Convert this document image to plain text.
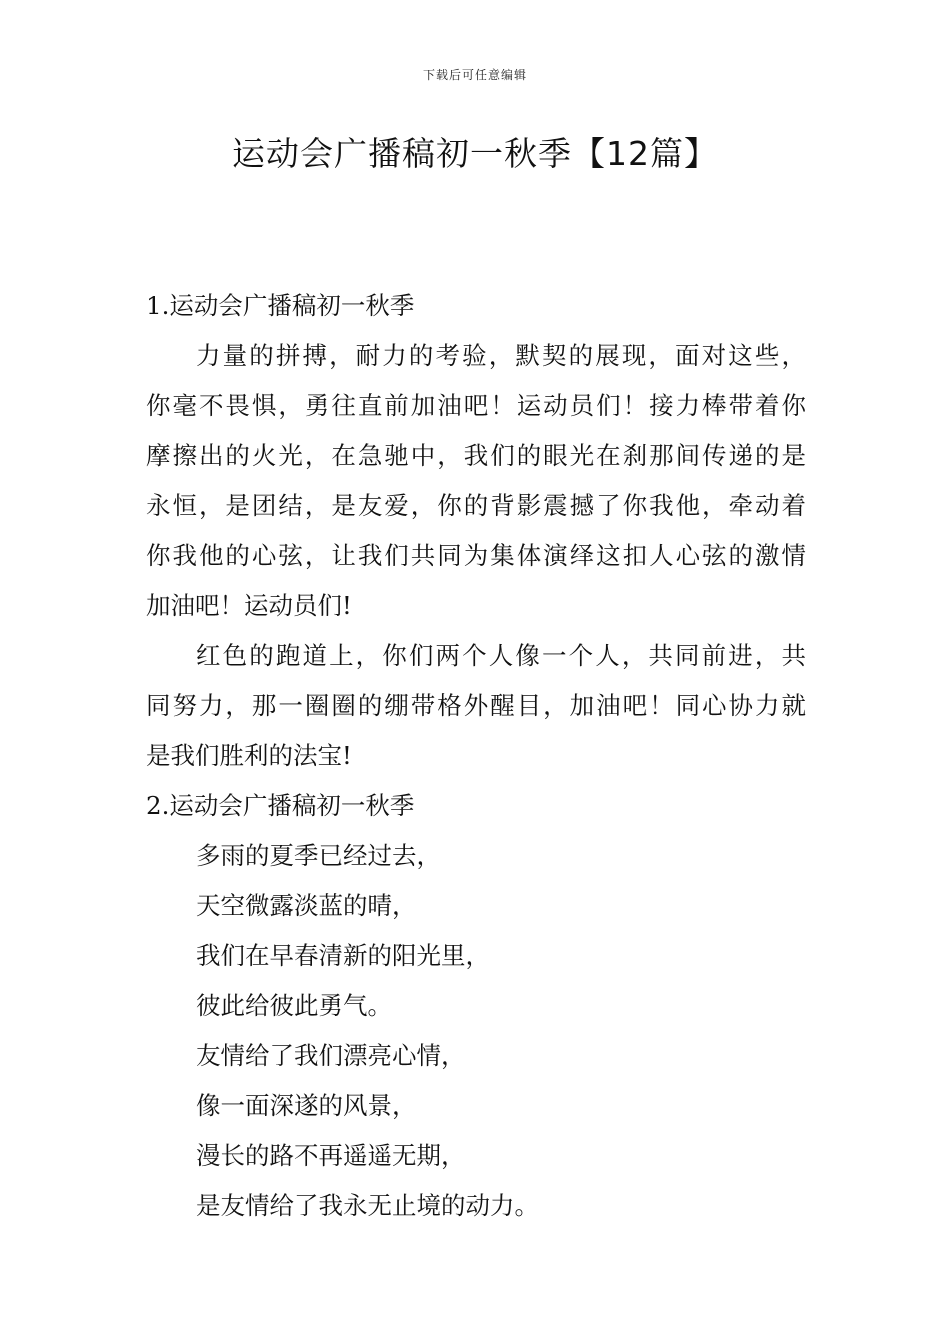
下载后可任意编辑
运动会广播稿初一秋季【12篇】
1.运动会广播稿初一秋季
力量的拼搏，耐力的考验，默契的展现，面对这些，
你毫不畏惧，勇往直前加油吧！运动员们！接力棒带着你
摩擦出的火光，在急驰中，我们的眼光在刹那间传递的是
永恒，是团结，是友爱，你的背影震撼了你我他，牵动着
你我他的心弦，让我们共同为集体演绎这扣人心弦的激情
加油吧！运动员们!
红色的跑道上，你们两个人像一个人，共同前进，共
同努力，那一圈圈的绷带格外醒目，加油吧！同心协力就
是我们胜利的法宝!
2.运动会广播稿初一秋季
多雨的夏季已经过去，
天空微露淡蓝的晴，
我们在早春清新的阳光里，
彼此给彼此勇气。
友情给了我们漂亮心情，
像一面深遂的风景，
漫长的路不再遥遥无期，
是友情给了我永无止境的动力。
